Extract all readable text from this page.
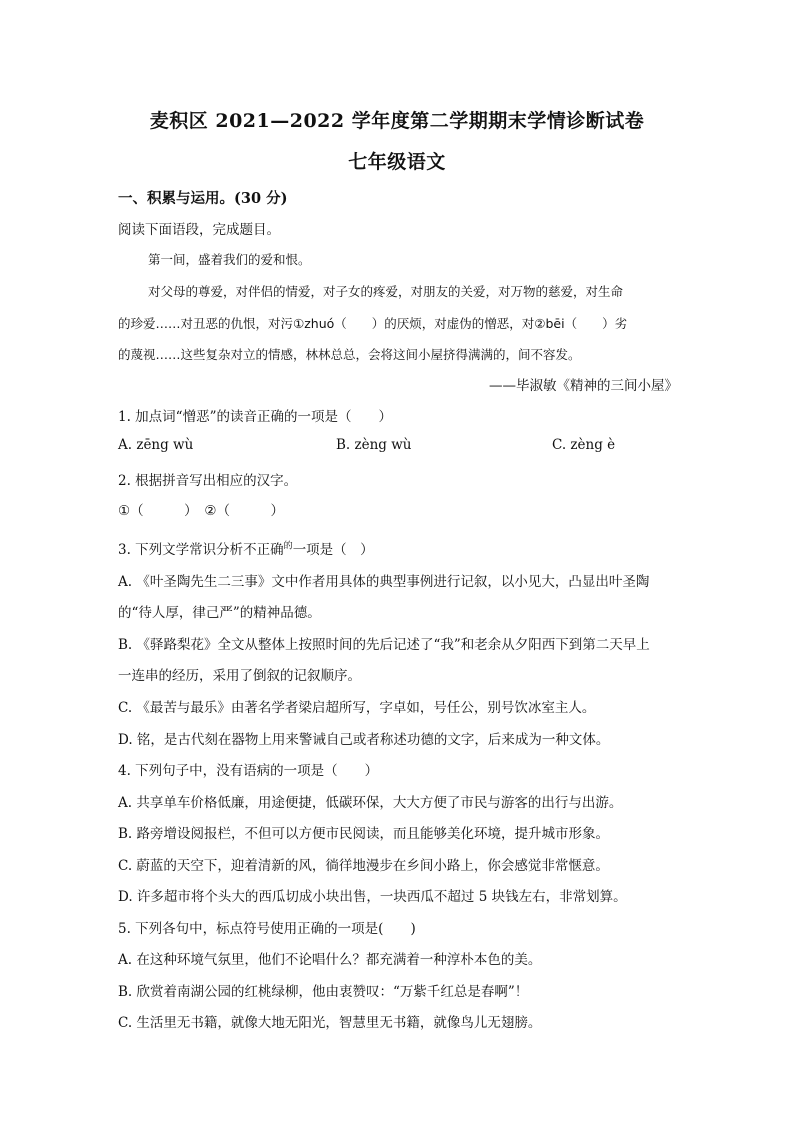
麦积区 2021—2022 学年度第二学期期末学情诊断试卷
七年级语文
一、积累与运用。(30 分)
阅读下面语段，完成题目。
第一间，盛着我们的爱和恨。
对父母的尊爱，对伴侣的情爱，对子女的疼爱，对朋友的关爱，对万物的慈爱，对生命
的珍爱……对丑恶的仇恨，对污①zhuó（　　）的厌烦，对虚伪的憎恶，对②bēi（　　）劣
的蔑视……这些复杂对立的情感，林林总总，会将这间小屋挤得满满的，间不容发。
——毕淑敏《精神的三间小屋》
1. 加点词“憎恶”的读音正确的一项是（　　）
A. zēng wù	B. zèng wù	C. zèng è
2. 根据拼音写出相应的汉字。
①（　　　）　②（　　　）
3. 下列文学常识分析不正确$^的$一项是（　）
A. 《叶圣陶先生二三事》文中作者用具体的典型事例进行记叙，以小见大，凸显出叶圣陶
的“待人厚，律己严”的精神品德。
B. 《驿路梨花》全文从整体上按照时间的先后记述了“我”和老余从夕阳西下到第二天早上
一连串的经历，采用了倒叙的记叙顺序。
C. 《最苦与最乐》由著名学者梁启超所写，字卓如，号任公，别号饮冰室主人。
D. 铭，是古代刻在器物上用来警诫自己或者称述功德的文字，后来成为一种文体。
4. 下列句子中，没有语病的一项是（　　）
A. 共享单车价格低廉，用途便捷，低碳环保，大大方便了市民与游客的出行与出游。
B. 路旁增设阅报栏，不但可以方便市民阅读，而且能够美化环境，提升城市形象。
C. 蔚蓝的天空下，迎着清新的风，徜徉地漫步在乡间小路上，你会感觉非常惬意。
D. 许多超市将个头大的西瓜切成小块出售，一块西瓜不超过 5 块钱左右，非常划算。
5. 下列各句中，标点符号使用正确的一项是(　　)
A. 在这种环境气氛里，他们不论唱什么？都充满着一种淳朴本色的美。
B. 欣赏着南湖公园的红桃绿柳，他由衷赞叹：“万紫千红总是春啊”！
C. 生活里无书籍，就像大地无阳光，智慧里无书籍，就像鸟儿无翅膀。
